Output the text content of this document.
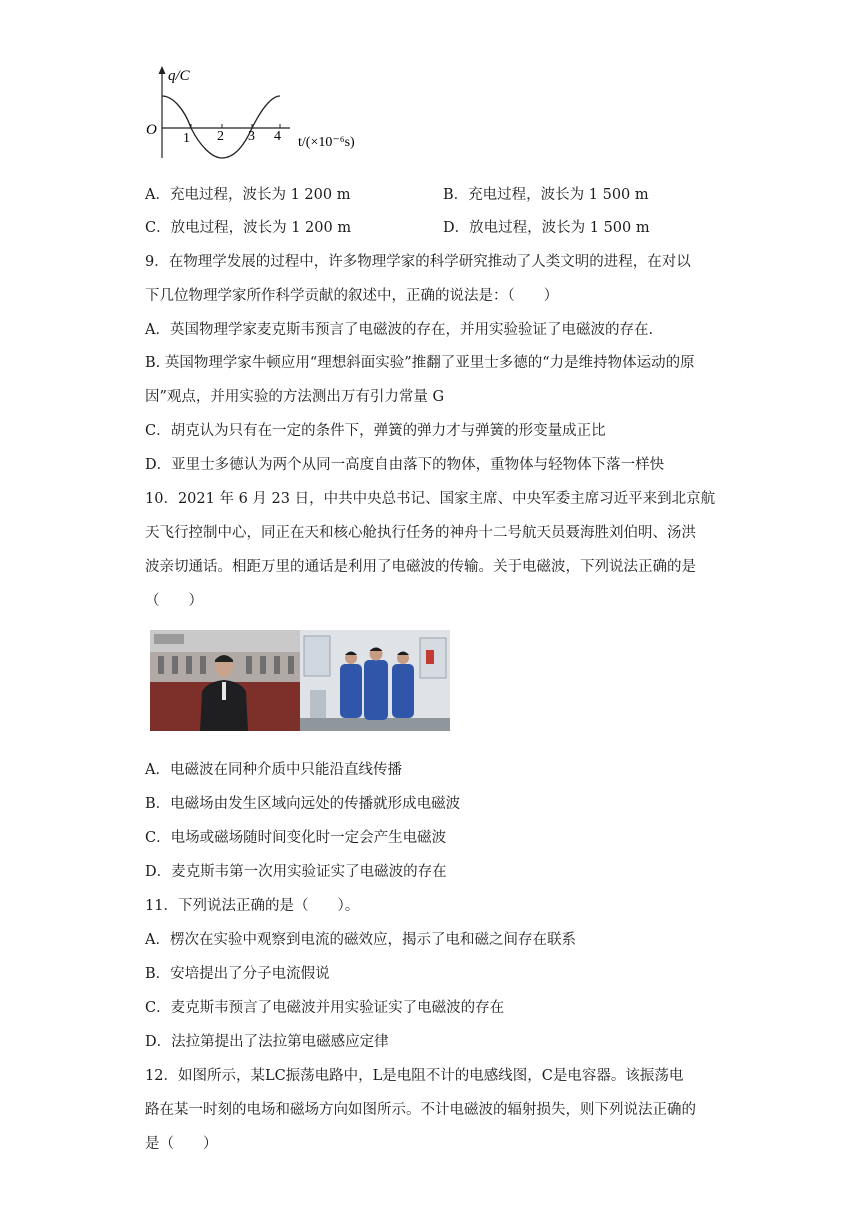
q/C
O
1 2 3 4 t/(×10⁻⁶s)
A．充电过程，波长为 1 200 m	B．充电过程，波长为 1 500 m
C．放电过程，波长为 1 200 m	D．放电过程，波长为 1 500 m
9．在物理学发展的过程中，许多物理学家的科学研究推动了人类文明的进程，在对以
下几位物理学家所作科学贡献的叙述中，正确的说法是：（　　）
A．英国物理学家麦克斯韦预言了电磁波的存在，并用实验验证了电磁波的存在.
B. 英国物理学家牛顿应用“理想斜面实验”推翻了亚里士多德的“力是维持物体运动的原
因”观点，并用实验的方法测出万有引力常量 G
C．胡克认为只有在一定的条件下，弹簧的弹力才与弹簧的形变量成正比
D．亚里士多德认为两个从同一高度自由落下的物体，重物体与轻物体下落一样快
10．2021 年 6 月 23 日，中共中央总书记、国家主席、中央军委主席习近平来到北京航
天飞行控制中心，同正在天和核心舱执行任务的神舟十二号航天员聂海胜刘伯明、汤洪
波亲切通话。相距万里的通话是利用了电磁波的传输。关于电磁波，下列说法正确的是
（　　）
A．电磁波在同种介质中只能沿直线传播
B．电磁场由发生区域向远处的传播就形成电磁波
C．电场或磁场随时间变化时一定会产生电磁波
D．麦克斯韦第一次用实验证实了电磁波的存在
11．下列说法正确的是（　　）。
A．楞次在实验中观察到电流的磁效应，揭示了电和磁之间存在联系
B．安培提出了分子电流假说
C．麦克斯韦预言了电磁波并用实验证实了电磁波的存在
D．法拉第提出了法拉第电磁感应定律
12．如图所示，某LC振荡电路中，L是电阻不计的电感线图，C是电容器。该振荡电
路在某一时刻的电场和磁场方向如图所示。不计电磁波的辐射损失，则下列说法正确的
是（　　）
